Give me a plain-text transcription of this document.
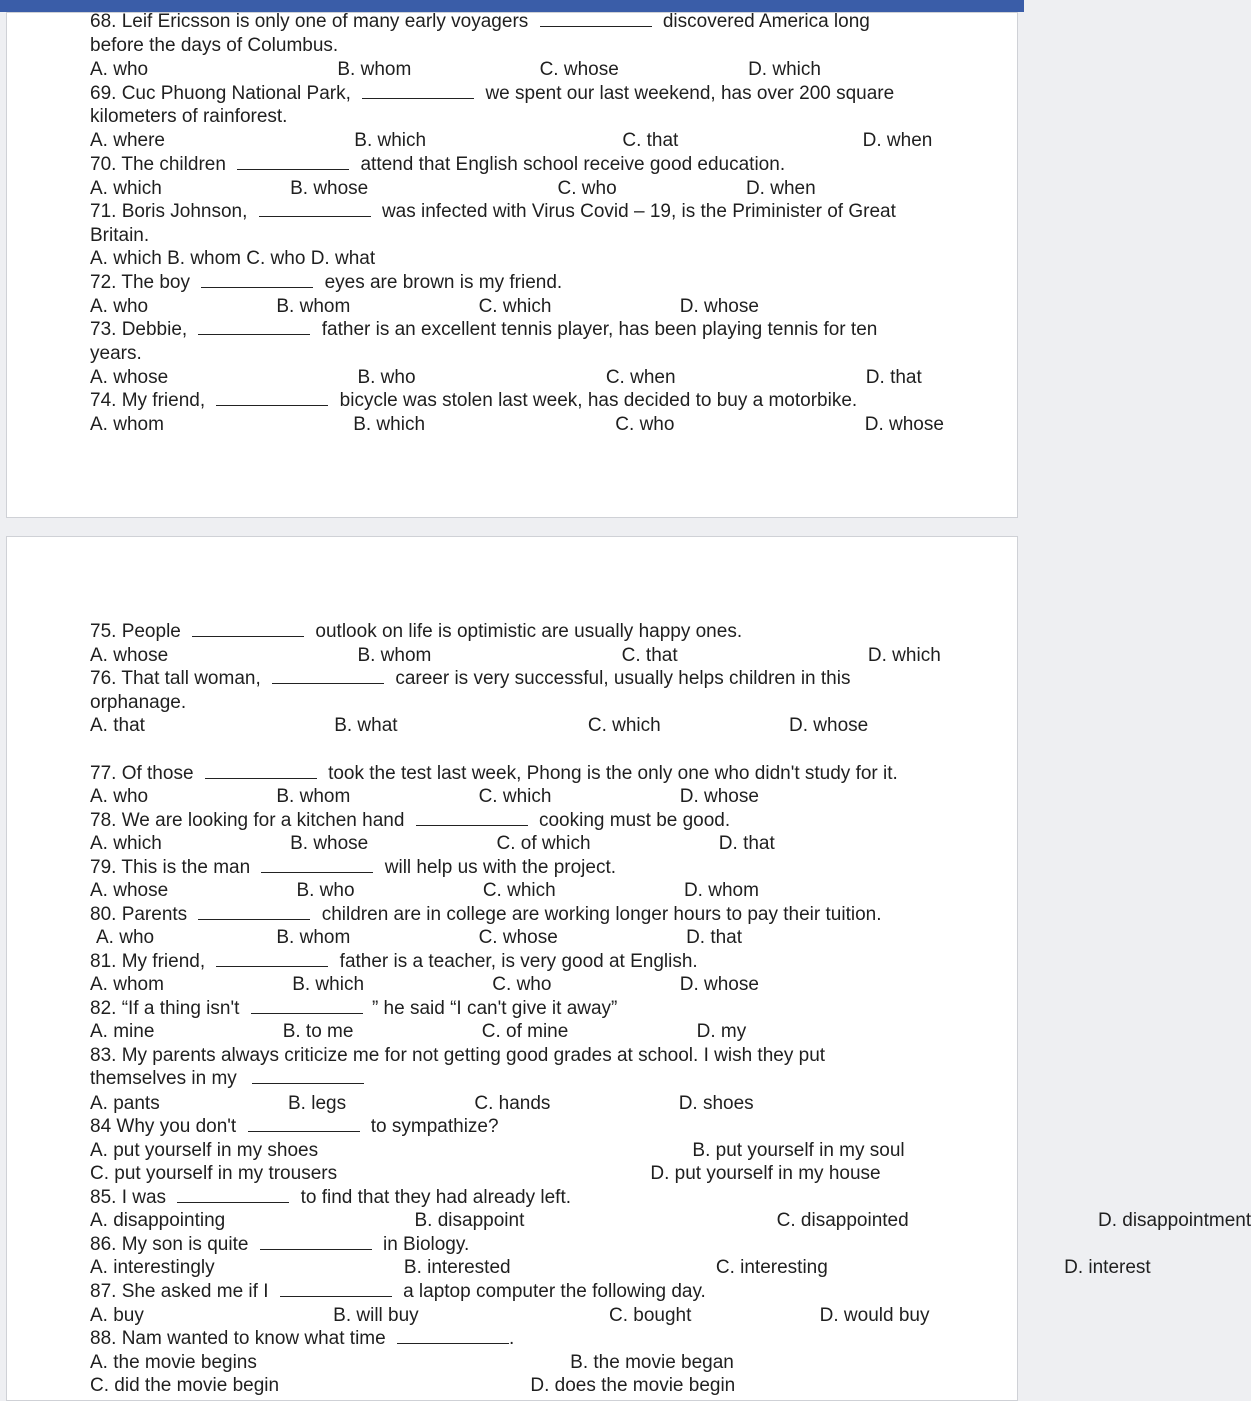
68. Leif Ericsson is only one of many early voyagers	discovered America long
before the days of Columbus.
A. who	B. whom	C. whose	D. which
69. Cuc Phuong National Park,	we spent our last weekend, has over 200 square
kilometers of rainforest.
A. where	B. which	C. that	D. when
70. The children	attend that English school receive good education.
A. which	B. whose	C. who	D. when
71. Boris Johnson,	was infected with Virus Covid – 19, is the Priminister of Great
Britain.
A. which B. whom C. who D. what
72. The boy	eyes are brown is my friend.
A. who	B. whom	C. which	D. whose
73. Debbie,	father is an excellent tennis player, has been playing tennis for ten
years.
A. whose	B. who	C. when	D. that
74. My friend,	bicycle was stolen last week, has decided to buy a motorbike.
A. whom	B. which	C. who	D. whose
75. People	outlook on life is optimistic are usually happy ones.
A. whose	B. whom	C. that	D. which
76. That tall woman,	career is very successful, usually helps children in this
orphanage.
A. that	B. what	C. which	D. whose
77. Of those	took the test last week, Phong is the only one who didn't study for it.
A. who	B. whom	C. which	D. whose
78. We are looking for a kitchen hand	cooking must be good.
A. which	B. whose	C. of which	D. that
79. This is the man	will help us with the project.
A. whose	B. who	C. which	D. whom
80. Parents	children are in college are working longer hours to pay their tuition.
A. who	B. whom	C. whose	D. that
81. My friend,	father is a teacher, is very good at English.
A. whom	B. which	C. who	D. whose
82. “If a thing isn't	” he said “I can't give it away”
A. mine	B. to me	C. of mine	D. my
83. My parents always criticize me for not getting good grades at school. I wish they put
themselves in my
A. pants	B. legs	C. hands	D. shoes
84 Why you don't	to sympathize?
A. put yourself in my shoes	B. put yourself in my soul
C. put yourself in my trousers	D. put yourself in my house
85. I was	to find that they had already left.
A. disappointing	B. disappoint	C. disappointed	D. disappointment
86. My son is quite	in Biology.
A. interestingly	B. interested	C. interesting	D. interest
87. She asked me if I	a laptop computer the following day.
A. buy	B. will buy	C. bought	D. would buy
88. Nam wanted to know what time	.
A. the movie begins	B. the movie began
C. did the movie begin	D. does the movie begin
